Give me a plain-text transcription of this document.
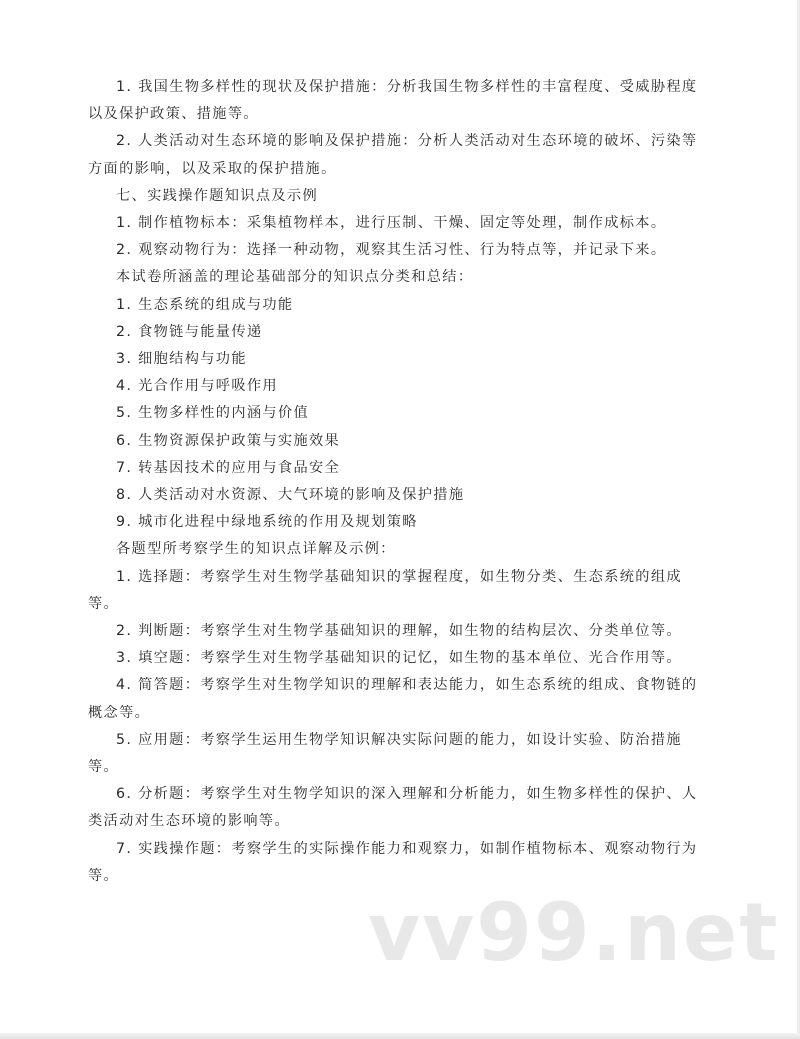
1. 我国生物多样性的现状及保护措施：分析我国生物多样性的丰富程度、受威胁程度以及保护政策、措施等。

2. 人类活动对生态环境的影响及保护措施：分析人类活动对生态环境的破坏、污染等方面的影响，以及采取的保护措施。

七、实践操作题知识点及示例

1. 制作植物标本：采集植物样本，进行压制、干燥、固定等处理，制作成标本。

2. 观察动物行为：选择一种动物，观察其生活习性、行为特点等，并记录下来。

本试卷所涵盖的理论基础部分的知识点分类和总结：

1. 生态系统的组成与功能

2. 食物链与能量传递

3. 细胞结构与功能

4. 光合作用与呼吸作用

5. 生物多样性的内涵与价值

6. 生物资源保护政策与实施效果

7. 转基因技术的应用与食品安全

8. 人类活动对水资源、大气环境的影响及保护措施

9. 城市化进程中绿地系统的作用及规划策略

各题型所考察学生的知识点详解及示例：

1. 选择题：考察学生对生物学基础知识的掌握程度，如生物分类、生态系统的组成等。

2. 判断题：考察学生对生物学基础知识的理解，如生物的结构层次、分类单位等。

3. 填空题：考察学生对生物学基础知识的记忆，如生物的基本单位、光合作用等。

4. 简答题：考察学生对生物学知识的理解和表达能力，如生态系统的组成、食物链的概念等。

5. 应用题：考察学生运用生物学知识解决实际问题的能力，如设计实验、防治措施等。

6. 分析题：考察学生对生物学知识的深入理解和分析能力，如生物多样性的保护、人类活动对生态环境的影响等。

7. 实践操作题：考察学生的实际操作能力和观察力，如制作植物标本、观察动物行为等。

vv99.net
